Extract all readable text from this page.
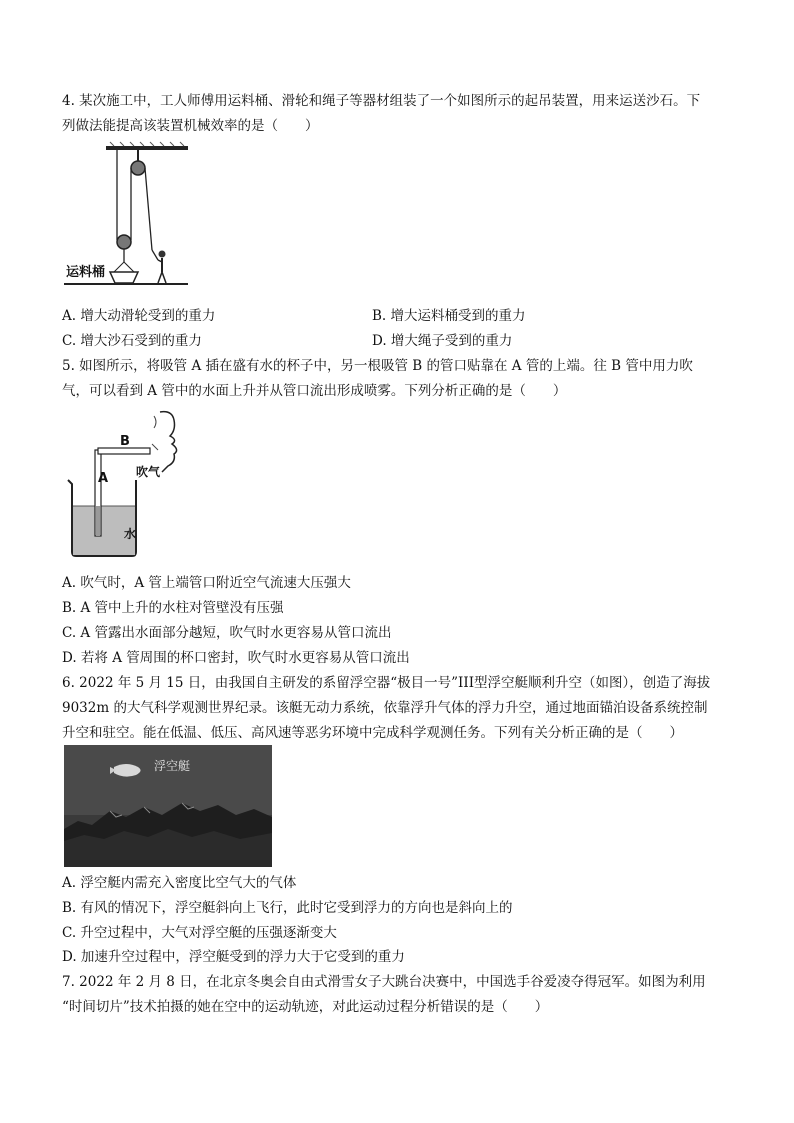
4. 某次施工中，工人师傅用运料桶、滑轮和绳子等器材组装了一个如图所示的起吊装置，用来运送沙石。下
列做法能提高该装置机械效率的是（　　）
运料桶
A. 增大动滑轮受到的重力	B. 增大运料桶受到的重力
C. 增大沙石受到的重力	D. 增大绳子受到的重力
5. 如图所示，将吸管 A 插在盛有水的杯子中，另一根吸管 B 的管口贴靠在 A 管的上端。往 B 管中用力吹
气，可以看到 A 管中的水面上升并从管口流出形成喷雾。下列分析正确的是（　　）
B
A 吹气
水
A. 吹气时，A 管上端管口附近空气流速大压强大
B. A 管中上升的水柱对管壁没有压强
C. A 管露出水面部分越短，吹气时水更容易从管口流出
D. 若将 A 管周围的杯口密封，吹气时水更容易从管口流出
6. 2022 年 5 月 15 日，由我国自主研发的系留浮空器“极目一号”III型浮空艇顺利升空（如图），创造了海拔
9032m 的大气科学观测世界纪录。该艇无动力系统，依靠浮升气体的浮力升空，通过地面锚泊设备系统控制
升空和驻空。能在低温、低压、高风速等恶劣环境中完成科学观测任务。下列有关分析正确的是（　　）
浮空艇
A. 浮空艇内需充入密度比空气大的气体
B. 有风的情况下，浮空艇斜向上飞行，此时它受到浮力的方向也是斜向上的
C. 升空过程中，大气对浮空艇的压强逐渐变大
D. 加速升空过程中，浮空艇受到的浮力大于它受到的重力
7. 2022 年 2 月 8 日，在北京冬奥会自由式滑雪女子大跳台决赛中，中国选手谷爱凌夺得冠军。如图为利用
“时间切片”技术拍摄的她在空中的运动轨迹，对此运动过程分析错误的是（　　）
